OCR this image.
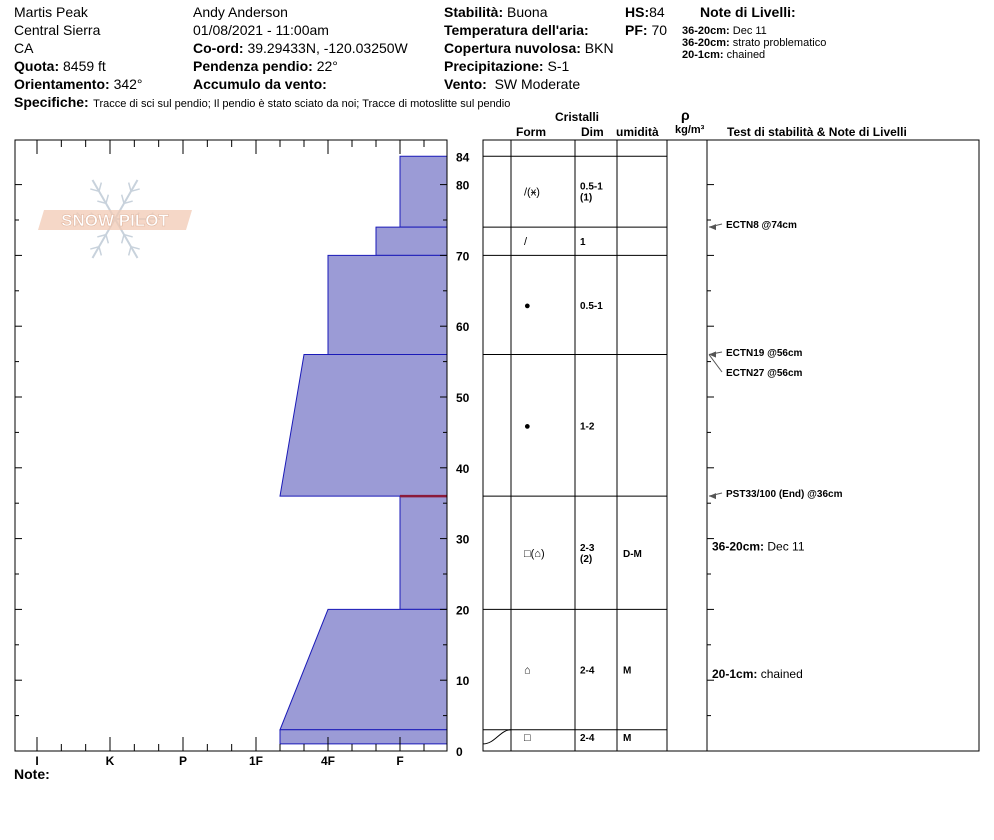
Martis Peak
Central Sierra
CA
Quota: 8459 ft
Orientamento: 342°
Andy Anderson
01/08/2021 - 11:00am
Co-ord: 39.29433N, -120.03250W
Pendenza pendio: 22°
Accumulo da vento:
Stabilità: Buona
Temperatura dell'aria:
Copertura nuvolosa: BKN
Precipitazione: S-1
Vento: SW Moderate
HS:84
PF: 70
Note di Livelli:
36-20cm: Dec 11
36-20cm: strato problematico
20-1cm: chained
Specifiche: Tracce di sci sul pendio; Il pendio è stato sciato da noi; Tracce di motoslitte sul pendio
Cristalli
Form	Dim umidità
ρ
kg/m³ Test di stabilità & Note di Livelli
Note:
SNOW PILOT
I	K	P	1F	4F	F
0
10
20
30
40
50
60
70
80
84
/(ӿ)	0.5-1
(1)
/	1
●	0.5-1
●	1-2
□(⌂)	2-3
(2)	D-M
⌂	2-4	M
□	2-4	M
ECTN8 @74cm
ECTN19 @56cm
ECTN27 @56cm
PST33/100 (End) @36cm
36-20cm: Dec 11
20-1cm: chained
